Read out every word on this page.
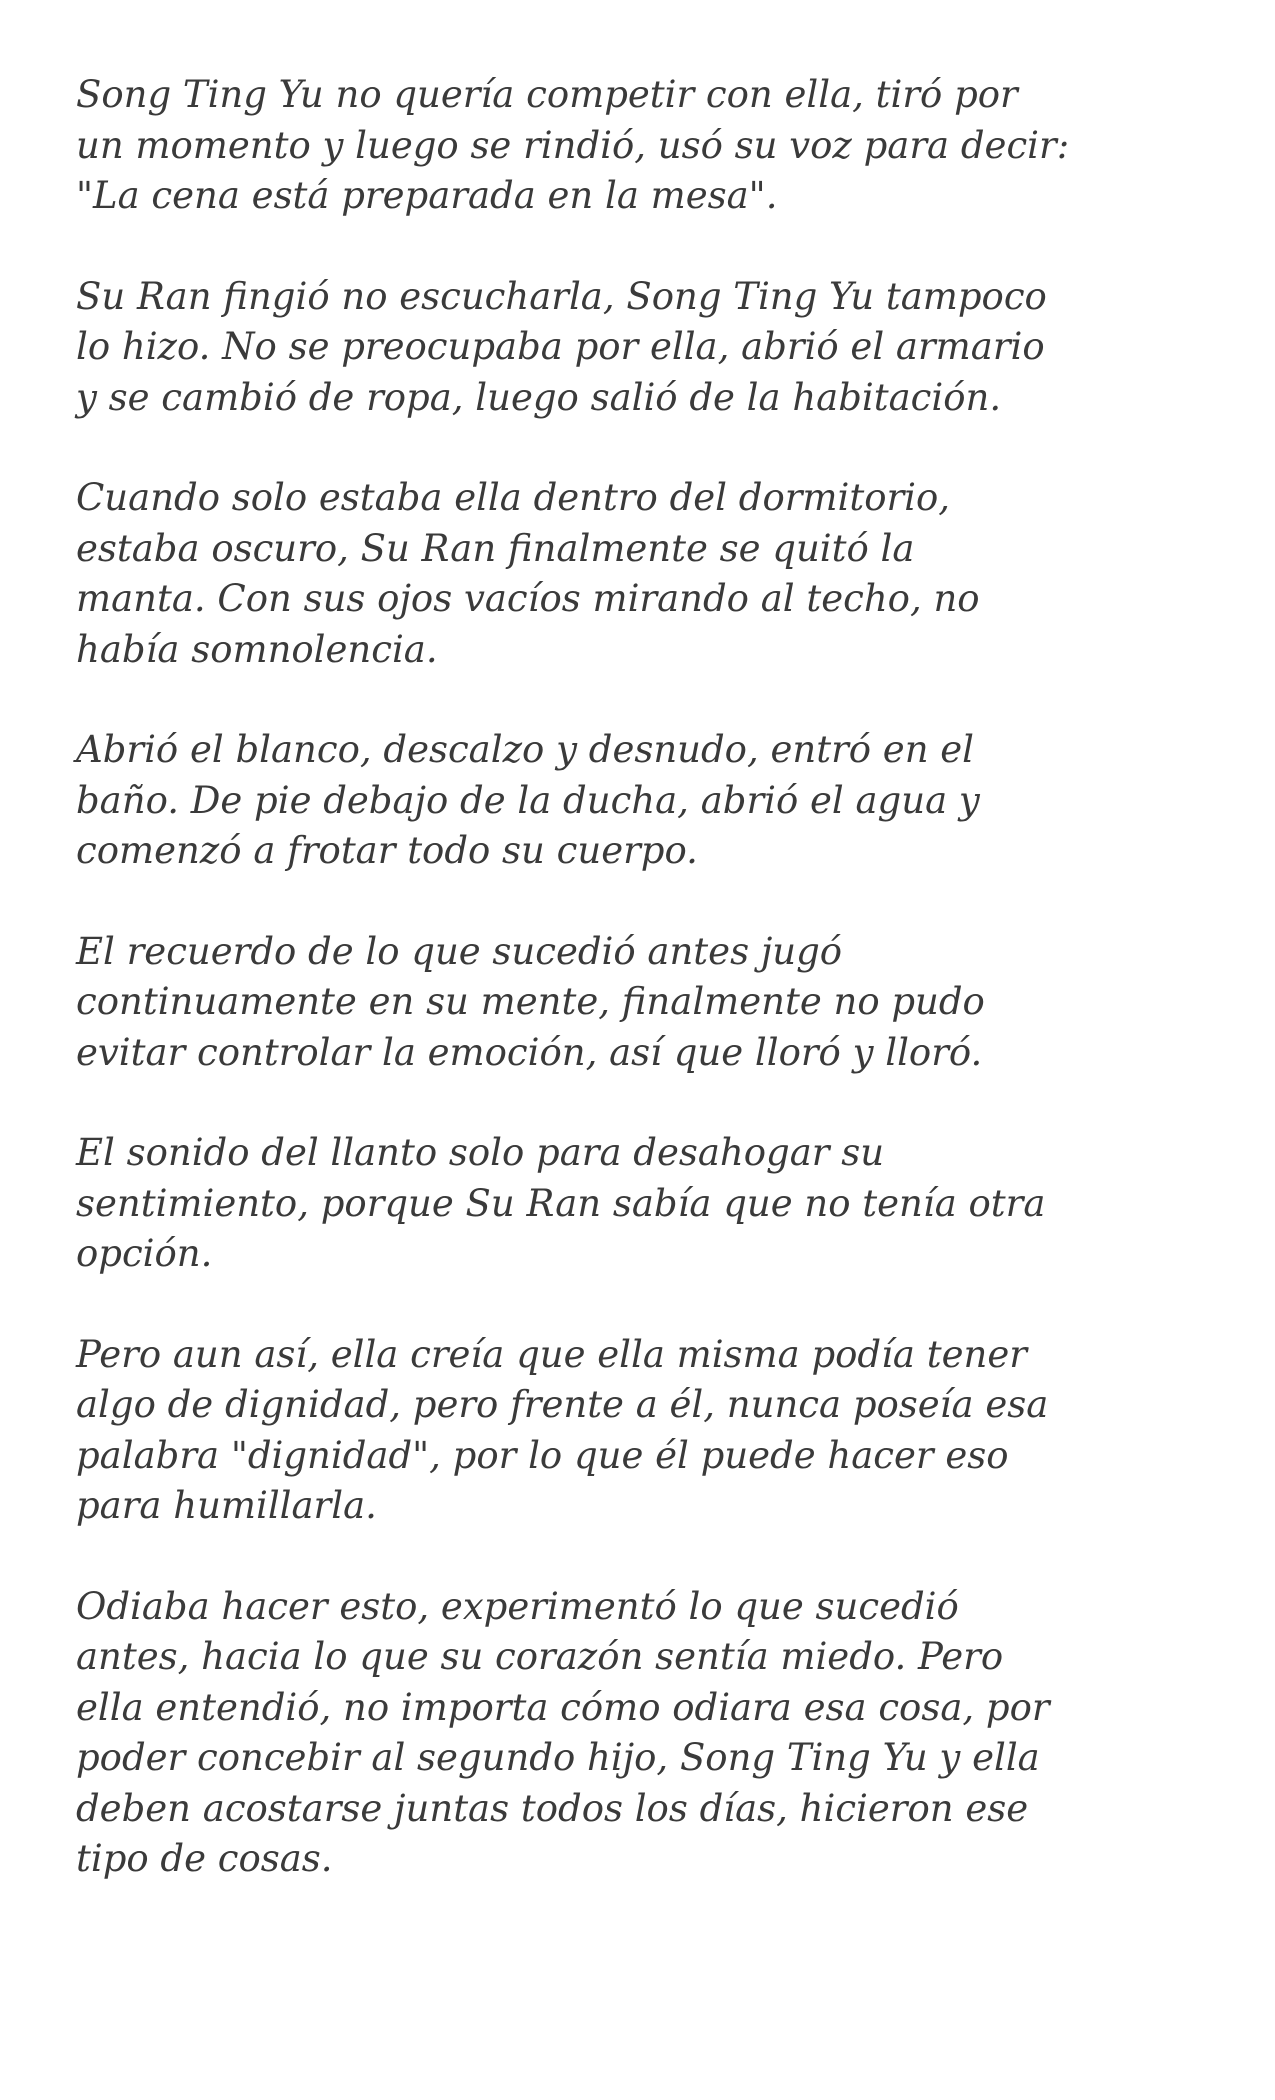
Song Ting Yu no quería competir con ella, tiró por
un momento y luego se rindió, usó su voz para decir:
"La cena está preparada en la mesa".

Su Ran fingió no escucharla, Song Ting Yu tampoco
lo hizo. No se preocupaba por ella, abrió el armario
y se cambió de ropa, luego salió de la habitación.

Cuando solo estaba ella dentro del dormitorio,
estaba oscuro, Su Ran finalmente se quitó la
manta. Con sus ojos vacíos mirando al techo, no
había somnolencia.

Abrió el blanco, descalzo y desnudo, entró en el
baño. De pie debajo de la ducha, abrió el agua y
comenzó a frotar todo su cuerpo.

El recuerdo de lo que sucedió antes jugó
continuamente en su mente, finalmente no pudo
evitar controlar la emoción, así que lloró y lloró.

El sonido del llanto solo para desahogar su
sentimiento, porque Su Ran sabía que no tenía otra
opción.

Pero aun así, ella creía que ella misma podía tener
algo de dignidad, pero frente a él, nunca poseía esa
palabra "dignidad", por lo que él puede hacer eso
para humillarla.

Odiaba hacer esto, experimentó lo que sucedió
antes, hacia lo que su corazón sentía miedo. Pero
ella entendió, no importa cómo odiara esa cosa, por
poder concebir al segundo hijo, Song Ting Yu y ella
deben acostarse juntas todos los días, hicieron ese
tipo de cosas.
